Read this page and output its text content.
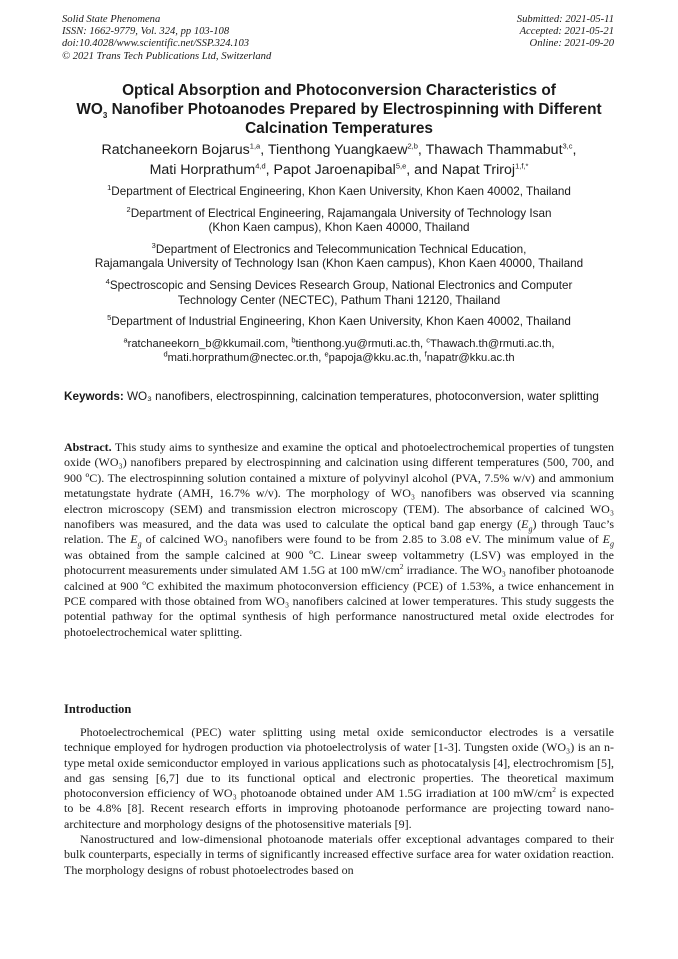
Solid State Phenomena
ISSN: 1662-9779, Vol. 324, pp 103-108
doi:10.4028/www.scientific.net/SSP.324.103
© 2021 Trans Tech Publications Ltd, Switzerland
Submitted: 2021-05-11
Accepted: 2021-05-21
Online: 2021-09-20
Optical Absorption and Photoconversion Characteristics of
$WO_3$ Nanofiber Photoanodes Prepared by Electrospinning with Different
Calcination Temperatures
Ratchaneekorn Bojarus$^{1,a}$, Tienthong Yuangkaew$^{2,b}$, Thawach Thammabut$^{3,c}$,
Mati Horprathum$^{4,d}$, Papot Jaroenapibal$^{5,e}$, and Napat Triroj$^{1,f,*}$
$^1$Department of Electrical Engineering, Khon Kaen University, Khon Kaen 40002, Thailand
$^2$Department of Electrical Engineering, Rajamangala University of Technology Isan
(Khon Kaen campus), Khon Kaen 40000, Thailand
$^3$Department of Electronics and Telecommunication Technical Education,
Rajamangala University of Technology Isan (Khon Kaen campus), Khon Kaen 40000, Thailand
$^4$Spectroscopic and Sensing Devices Research Group, National Electronics and Computer
Technology Center (NECTEC), Pathum Thani 12120, Thailand
$^5$Department of Industrial Engineering, Khon Kaen University, Khon Kaen 40002, Thailand
$^a$ratchaneekorn_b@kkumail.com, $^b$tienthong.yu@rmuti.ac.th, $^c$Thawach.th@rmuti.ac.th,
$^d$mati.horprathum@nectec.or.th, $^e$papoja@kku.ac.th, $^f$napatr@kku.ac.th
Keywords: WO₃ nanofibers, electrospinning, calcination temperatures, photoconversion, water splitting
Abstract. This study aims to synthesize and examine the optical and photoelectrochemical properties of tungsten oxide (WO₃) nanofibers prepared by electrospinning and calcination using different temperatures (500, 700, and 900 ºC). The electrospinning solution contained a mixture of polyvinyl alcohol (PVA, 7.5% w/v) and ammonium metatungstate hydrate (AMH, 16.7% w/v). The morphology of WO₃ nanofibers was observed via scanning electron microscopy (SEM) and transmission electron microscopy (TEM). The absorbance of calcined WO₃ nanofibers was measured, and the data was used to calculate the optical band gap energy $(E_g)$ through Tauc’s relation. The $E_g$ of calcined WO₃ nanofibers were found to be from 2.85 to 3.08 eV. The minimum value of $E_g$ was obtained from the sample calcined at 900 ºC. Linear sweep voltammetry (LSV) was employed in the photocurrent measurements under simulated AM 1.5G at 100 $mW/cm^2$ irradiance. The WO₃ nanofiber photoanode calcined at 900 ºC exhibited the maximum photoconversion efficiency (PCE) of 1.53%, a twice enhancement in PCE compared with those obtained from WO₃ nanofibers calcined at lower temperatures. This study suggests the potential pathway for the optimal synthesis of high performance nanostructured metal oxide electrodes for photoelectrochemical water splitting.
Introduction

Photoelectrochemical (PEC) water splitting using metal oxide semiconductor electrodes is a versatile technique employed for hydrogen production via photoelectrolysis of water [1-3]. Tungsten oxide (WO₃) is an n-type metal oxide semiconductor employed in various applications such as photocatalysis [4], electrochromism [5], and gas sensing [6,7] due to its functional optical and electronic properties. The theoretical maximum photoconversion efficiency of WO₃ photoanode obtained under AM 1.5G irradiation at 100 $mW/cm^2$ is expected to be 4.8% [8]. Recent research efforts in improving photoanode performance are projecting toward nano-architecture and morphology designs of the photosensitive materials [9].

Nanostructured and low-dimensional photoanode materials offer exceptional advantages compared to their bulk counterparts, especially in terms of significantly increased effective surface area for water oxidation reaction. The morphology designs of robust photoelectrodes based on
